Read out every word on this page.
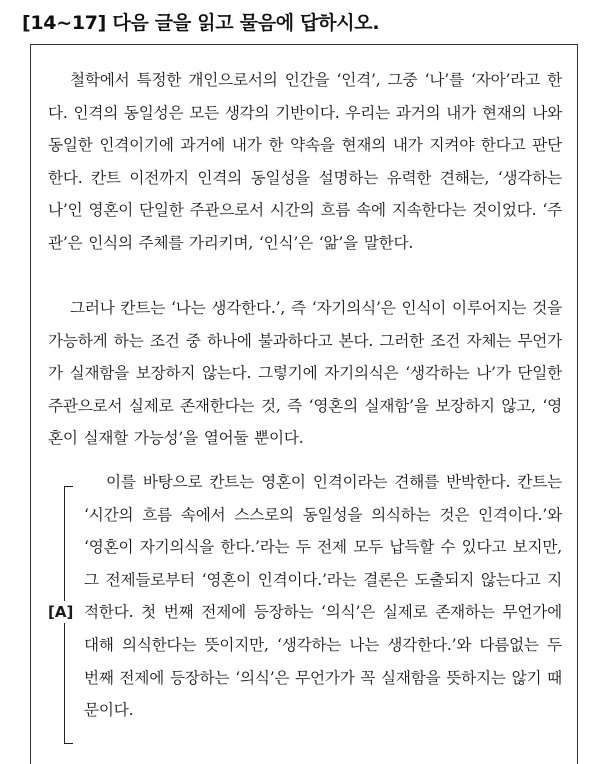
[14~17] 다음 글을 읽고 물음에 답하시오.

철학에서 특정한 개인으로서의 인간을 ‘인격’, 그중 ‘나’를 ‘자아’라고 한다. 인격의 동일성은 모든 생각의 기반이다. 우리는 과거의 내가 현재의 나와 동일한 인격이기에 과거에 내가 한 약속을 현재의 내가 지켜야 한다고 판단한다. 칸트 이전까지 인격의 동일성을 설명하는 유력한 견해는, ‘생각하는 나’인 영혼이 단일한 주관으로서 시간의 흐름 속에 지속한다는 것이었다. ‘주관’은 인식의 주체를 가리키며, ‘인식’은 ‘앎’을 말한다.

그러나 칸트는 ‘나는 생각한다.’, 즉 ‘자기의식’은 인식이 이루어지는 것을 가능하게 하는 조건 중 하나에 불과하다고 본다. 그러한 조건 자체는 무언가가 실재함을 보장하지 않는다. 그렇기에 자기의식은 ‘생각하는 나’가 단일한 주관으로서 실제로 존재한다는 것, 즉 ‘영혼의 실재함’을 보장하지 않고, ‘영혼이 실재할 가능성’을 열어둘 뿐이다.

이를 바탕으로 칸트는 영혼이 인격이라는 견해를 반박한다. 칸트는 ‘시간의 흐름 속에서 스스로의 동일성을 의식하는 것은 인격이다.’와 ‘영혼이 자기의식을 한다.’라는 두 전제 모두 납득할 수 있다고 보지만, 그 전제들로부터 ‘영혼이 인격이다.’라는 결론은 도출되지 않는다고 지적한다. 첫 번째 전제에 등장하는 ‘의식’은 실제로 존재하는 무언가에 대해 의식한다는 뜻이지만, ‘생각하는 나는 생각한다.’와 다름없는 두 번째 전제에 등장하는 ‘의식’은 무언가가 꼭 실재함을 뜻하지는 않기 때문이다.

[A]
